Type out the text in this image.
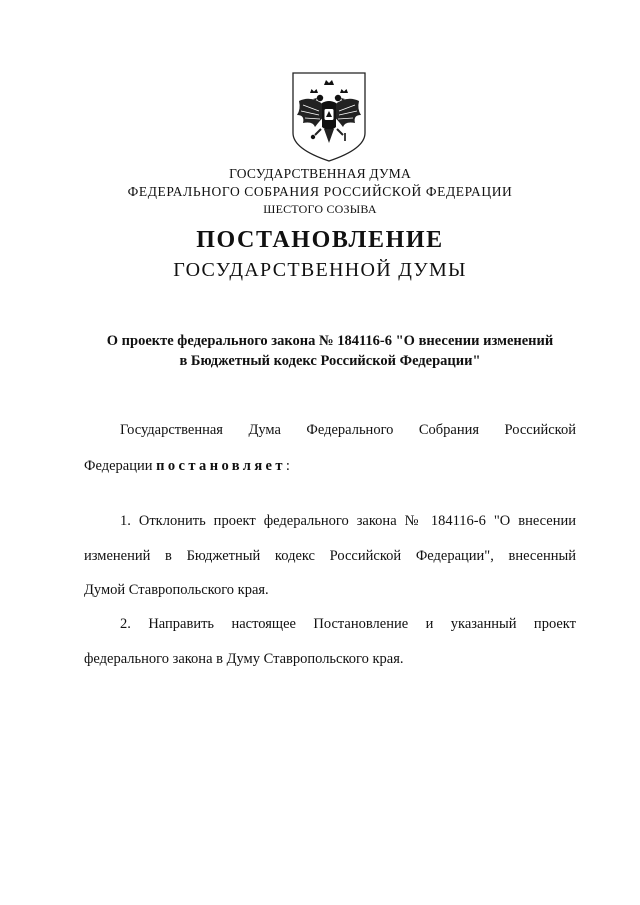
ГОСУДАРСТВЕННАЯ ДУМА
ФЕДЕРАЛЬНОГО СОБРАНИЯ РОССИЙСКОЙ ФЕДЕРАЦИИ
ШЕСТОГО СОЗЫВА
ПОСТАНОВЛЕНИЕ
ГОСУДАРСТВЕННОЙ ДУМЫ
О проекте федерального закона № 184116-6 "О внесении изменений
в Бюджетный кодекс Российской Федерации"
Государственная Дума Федерального Собрания Российской
Федерации постановляет:
1. Отклонить проект федерального закона № 184116-6 "О внесении
изменений в Бюджетный кодекс Российской Федерации", внесенный
Думой Ставропольского края.
2. Направить настоящее Постановление и указанный проект
федерального закона в Думу Ставропольского края.
